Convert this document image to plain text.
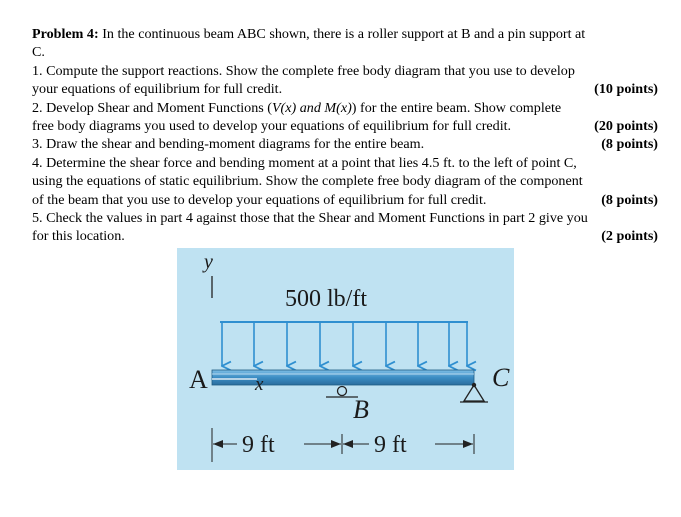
Problem 4: In the continuous beam ABC shown, there is a roller support at B and a pin support at
C.
1. Compute the support reactions. Show the complete free body diagram that you use to develop
your equations of equilibrium for full credit.	(10 points)
2. Develop Shear and Moment Functions (V(x) and M(x)) for the entire beam. Show complete
free body diagrams you used to develop your equations of equilibrium for full credit.	(20 points)
3. Draw the shear and bending-moment diagrams for the entire beam.	(8 points)
4. Determine the shear force and bending moment at a point that lies 4.5 ft. to the left of point C,
using the equations of static equilibrium. Show the complete free body diagram of the component
of the beam that you use to develop your equations of equilibrium for full credit.	(8 points)
5. Check the values in part 4 against those that the Shear and Moment Functions in part 2 give you
for this location.	(2 points)
y
500 lb/ft
x
A
B
C
9 ft	9 ft
